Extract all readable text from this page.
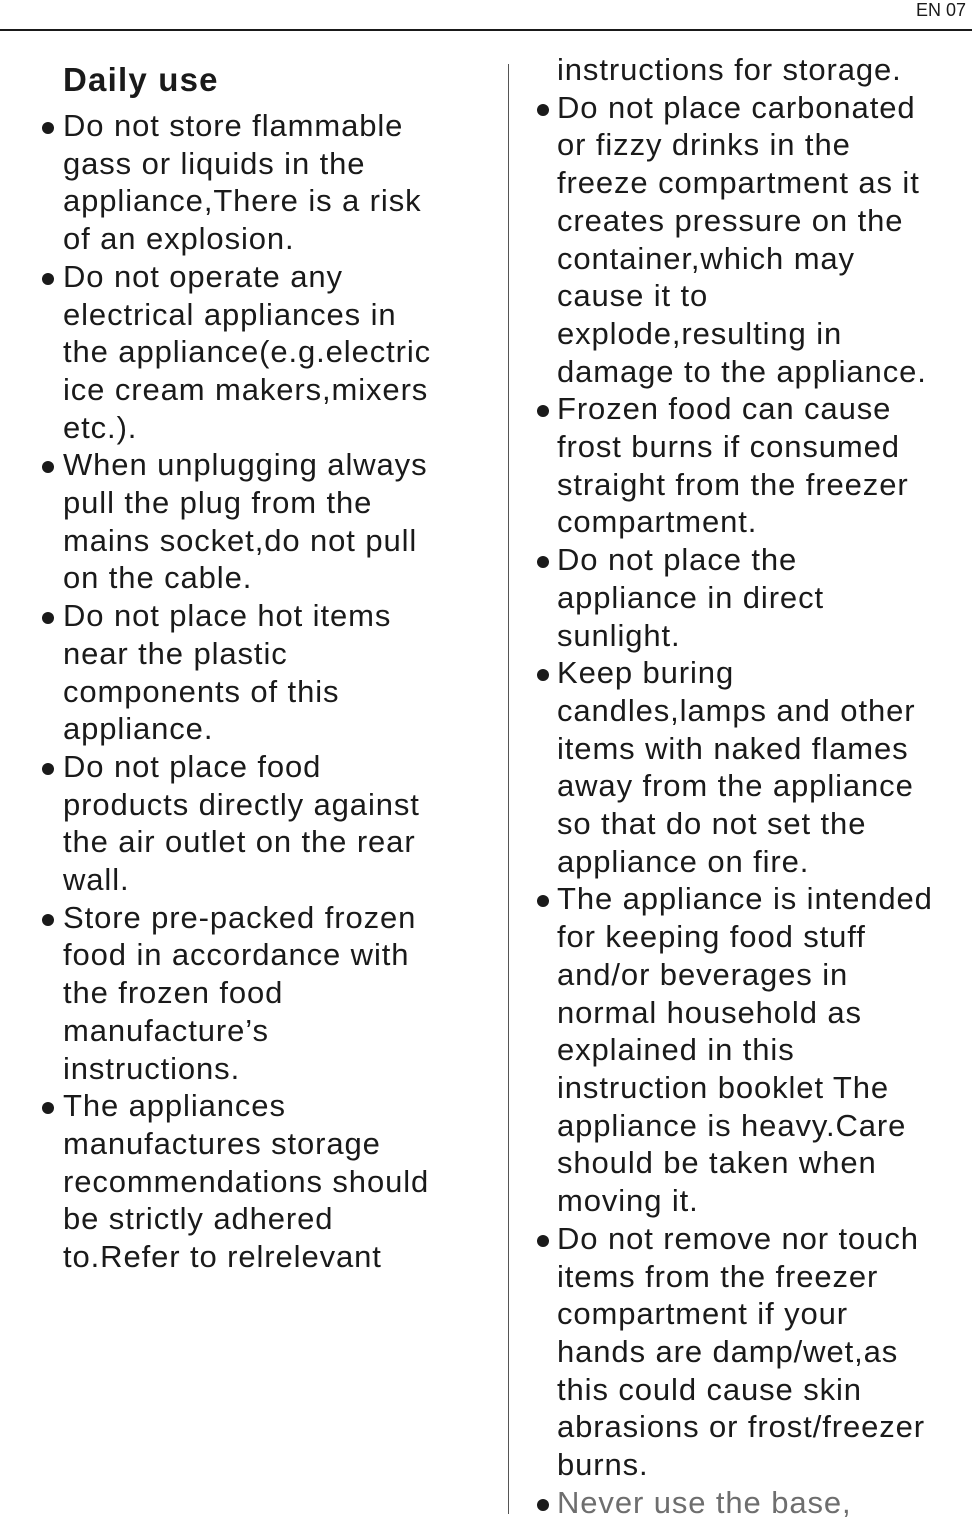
EN 07
Daily use
Do not store flammable
gass or liquids in the
appliance,There is a risk
of an explosion.
Do not operate any
electrical appliances in
the appliance(e.g.electric
ice cream makers,mixers
etc.).
When unplugging always
pull the plug from the
mains socket,do not pull
on the cable.
Do not place hot items
near the plastic
components of this
appliance.
Do not place food
products directly against
the air outlet on the rear
wall.
Store pre-packed frozen
food in accordance with
the frozen food
manufacture’s
instructions.
The appliances
manufactures storage
recommendations should
be strictly adhered
to.Refer to relrelevant
instructions for storage.
Do not place carbonated
or fizzy drinks in the
freeze compartment as it
creates pressure on the
container,which may
cause it to
explode,resulting in
damage to the appliance.
Frozen food can cause
frost burns if consumed
straight from the freezer
compartment.
Do not place the
appliance in direct
sunlight.
Keep buring
candles,lamps and other
items with naked flames
away from the appliance
so that do not set the
appliance on fire.
The appliance is intended
for keeping food stuff
and/or beverages in
normal household as
explained in this
instruction booklet The
appliance is heavy.Care
should be taken when
moving it.
Do not remove nor touch
items from the freezer
compartment if your
hands are damp/wet,as
this could cause skin
abrasions or frost/freezer
burns.
Never use the base,
